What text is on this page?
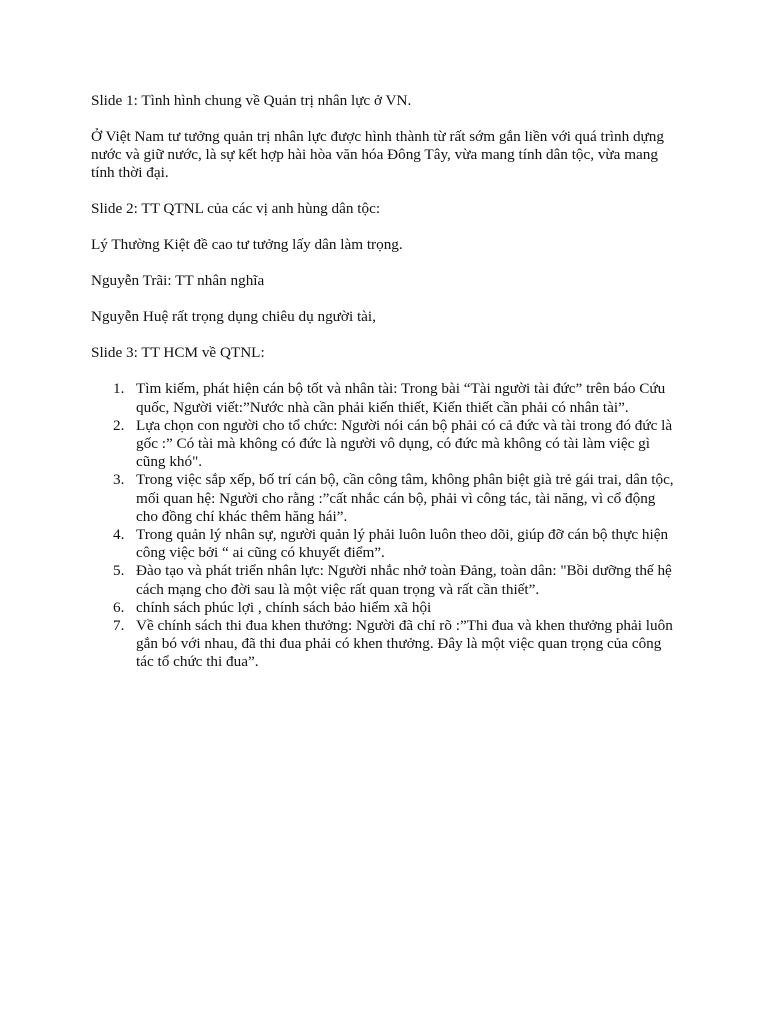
Slide 1: Tình hình chung về Quản trị nhân lực ở VN.

Ở Việt Nam tư tưởng quản trị nhân lực được hình thành từ rất sớm gắn liền với quá trình dựng nước và giữ nước, là sự kết hợp hài hòa văn hóa Đông Tây, vừa mang tính dân tộc, vừa mang tính thời đại.

Slide 2: TT QTNL của các vị anh hùng dân tộc:

Lý Thường Kiệt đề cao tư tưởng lấy dân làm trọng.

Nguyễn Trãi: TT nhân nghĩa

Nguyễn Huệ rất trọng dụng chiêu dụ người tài,

Slide 3: TT HCM về QTNL:

1. Tìm kiếm, phát hiện cán bộ tốt và nhân tài: Trong bài “Tài người tài đức” trên báo Cứu quốc, Người viết:”Nước nhà cần phải kiến thiết, Kiến thiết cần phải có nhân tài”.
2. Lựa chọn con người cho tổ chức: Người nói cán bộ phải có cả đức và tài trong đó đức là gốc :” Có tài mà không có đức là người vô dụng, có đức mà không có tài làm việc gì cũng khó".
3. Trong việc sắp xếp, bố trí cán bộ, cần công tâm, không phân biệt già trẻ gái trai, dân tộc, mối quan hệ: Người cho rằng :”cất nhắc cán bộ, phải vì công tác, tài năng, vì cổ động cho đồng chí khác thêm hăng hái”.
4. Trong quản lý nhân sự, người quản lý phải luôn luôn theo dõi, giúp đỡ cán bộ thực hiện công việc bởi “ ai cũng có khuyết điểm”.
5. Đào tạo và phát triển nhân lực: Người nhắc nhở toàn Đảng, toàn dân: "Bồi dưỡng thế hệ cách mạng cho đời sau là một việc rất quan trọng và rất cần thiết”.
6. chính sách phúc lợi , chính sách bảo hiểm xã hội
7. Về chính sách thi đua khen thưởng: Người đã chỉ rõ :”Thi đua và khen thưởng phải luôn gắn bó với nhau, đã thi đua phải có khen thưởng. Đây là một việc quan trọng của công tác tổ chức thi đua”.
